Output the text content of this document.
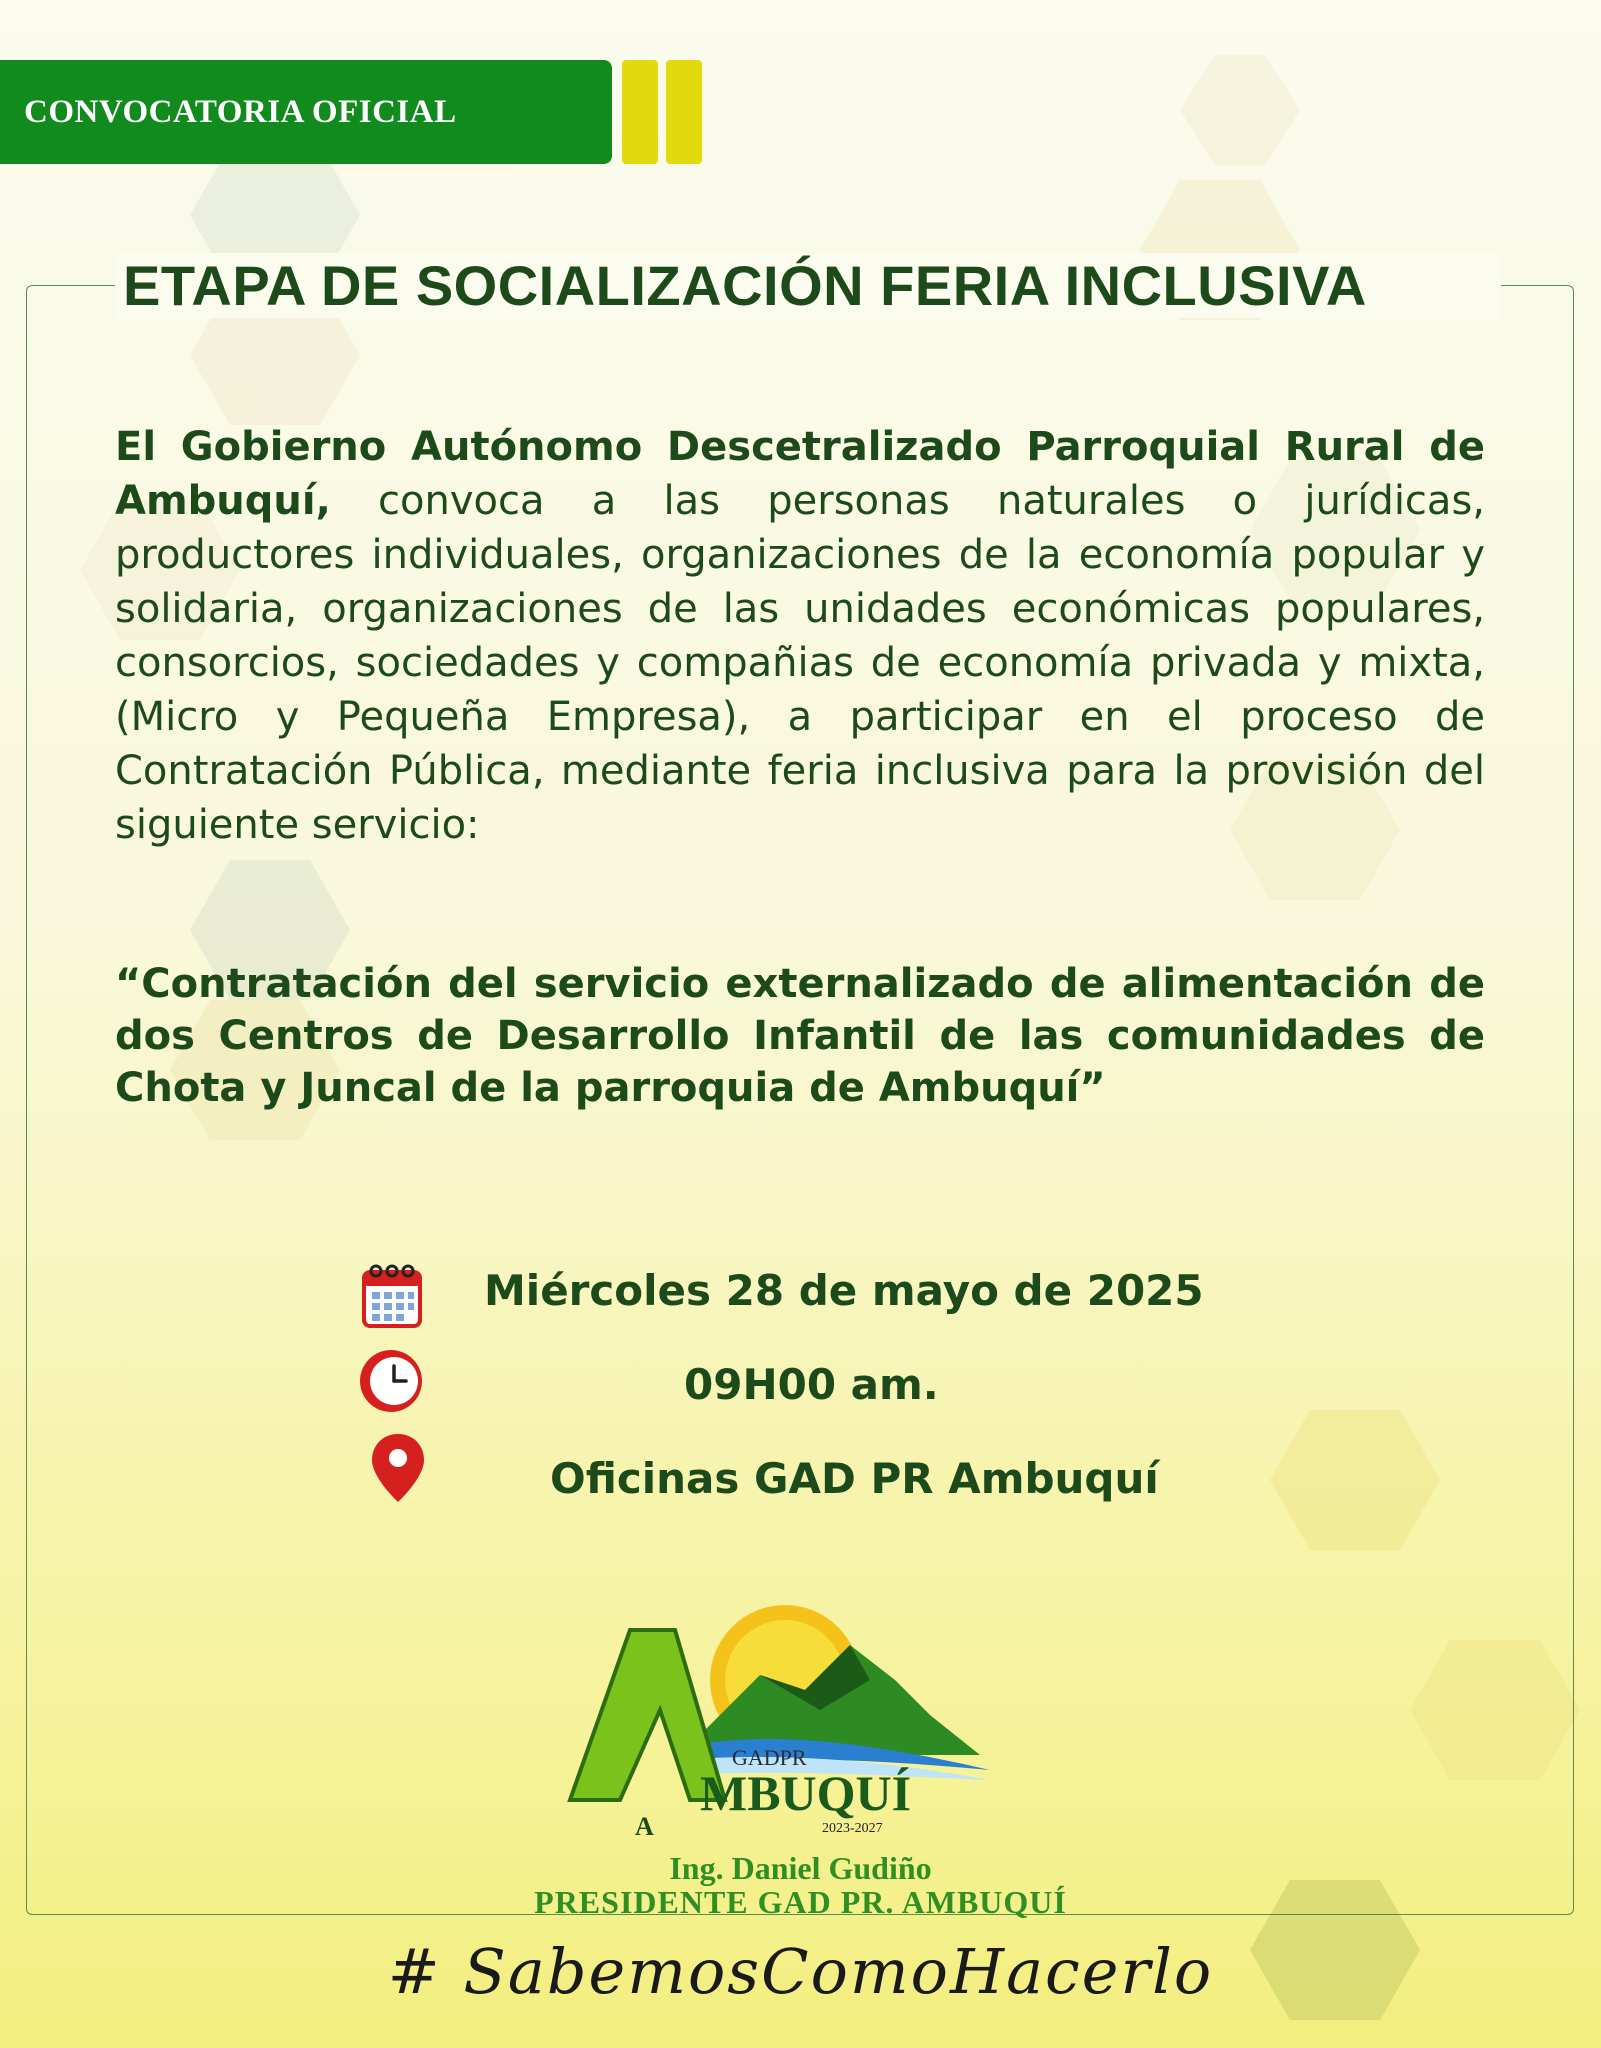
CONVOCATORIA OFICIAL
ETAPA DE SOCIALIZACIÓN FERIA INCLUSIVA
El Gobierno Autónomo Descetralizado Parroquial Rural de Ambuquí, convoca a las personas naturales o jurídicas, productores individuales, organizaciones de la economía popular y solidaria, organizaciones de las unidades económicas populares, consorcios, sociedades y compañias de economía privada y mixta, (Micro y Pequeña Empresa), a participar en el proceso de Contratación Pública, mediante feria inclusiva para la provisión del siguiente servicio:
“Contratación del servicio externalizado de alimentación de dos Centros de Desarrollo Infantil de las comunidades de Chota y Juncal de la parroquia de Ambuquí”
Miércoles 28 de mayo de 2025
09H00 am.
Oficinas GAD PR Ambuquí
A
GADPR
MBUQUÍ
2023-2027
Ing. Daniel Gudiño
PRESIDENTE GAD PR. AMBUQUÍ
# SabemosComoHacerlo
